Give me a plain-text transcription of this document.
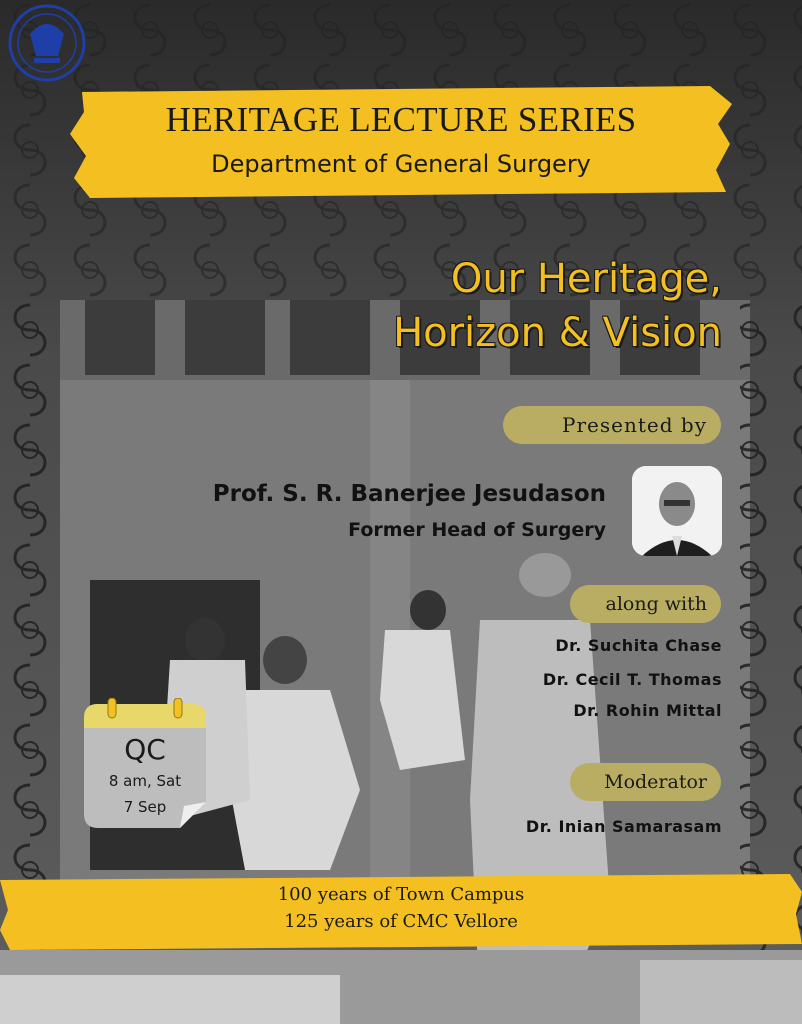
HERITAGE LECTURE SERIES
Department of General Surgery
Our Heritage,
Horizon & Vision
Presented by
Prof. S. R. Banerjee Jesudason
Former Head of Surgery
along with
Dr. Suchita Chase
Dr. Cecil T. Thomas
Dr. Rohin Mittal
Moderator
Dr. Inian Samarasam
QC
8 am, Sat
7 Sep
100 years of Town Campus
125 years of CMC Vellore
